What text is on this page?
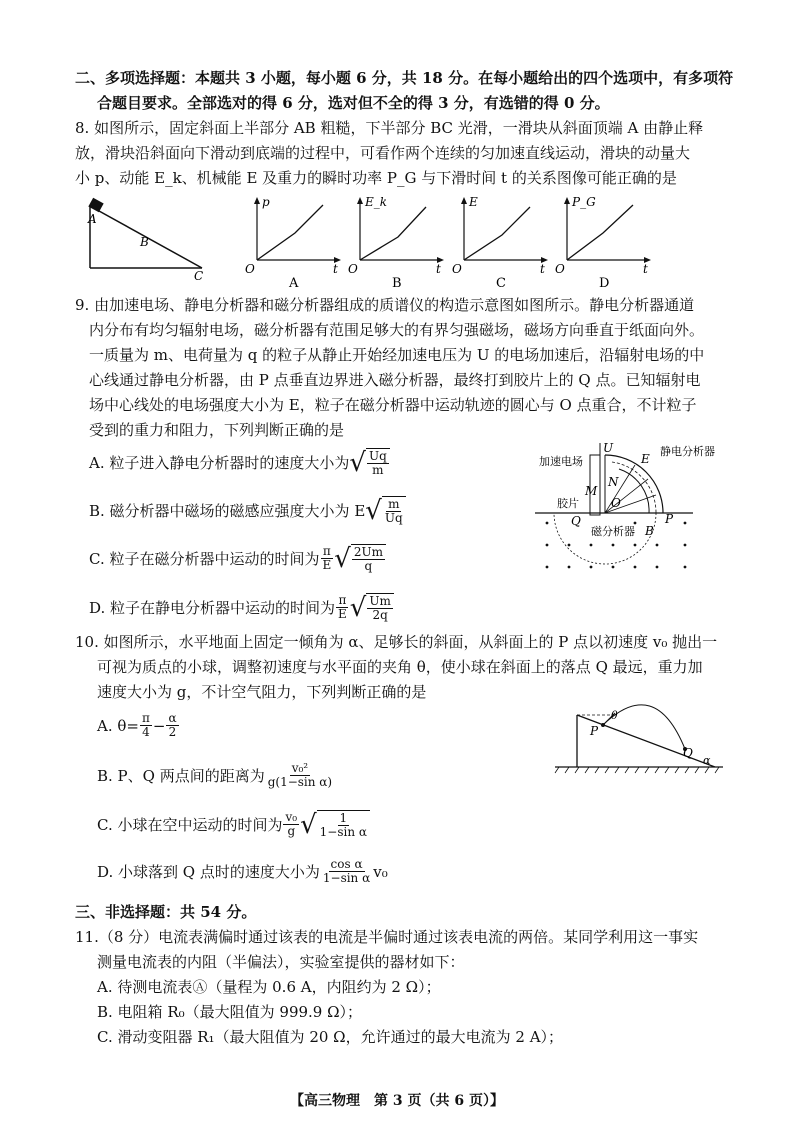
二、多项选择题：本题共 3 小题，每小题 6 分，共 18 分。在每小题给出的四个选项中，有多项符
合题目要求。全部选对的得 6 分，选对但不全的得 3 分，有选错的得 0 分。
8. 如图所示，固定斜面上半部分 AB 粗糙，下半部分 BC 光滑，一滑块从斜面顶端 A 由静止释
放，滑块沿斜面向下滑动到底端的过程中，可看作两个连续的匀加速直线运动，滑块的动量大
小 p、动能 E_k、机械能 E 及重力的瞬时功率 P_G 与下滑时间 t 的关系图像可能正确的是
A
B
C
p
O	t
A
E_k
O	t
B
E
O	t
C
P_G
O	t
D
9. 由加速电场、静电分析器和磁分析器组成的质谱仪的构造示意图如图所示。静电分析器通道
内分布有均匀辐射电场，磁分析器有范围足够大的有界匀强磁场，磁场方向垂直于纸面向外。
一质量为 m、电荷量为 q 的粒子从静止开始经加速电压为 U 的电场加速后，沿辐射电场的中
心线通过静电分析器，由 P 点垂直边界进入磁分析器，最终打到胶片上的 Q 点。已知辐射电
场中心线处的电场强度大小为 E，粒子在磁分析器中运动轨迹的圆心与 O 点重合，不计粒子
受到的重力和阻力，下列判断正确的是
A. 粒子进入静电分析器时的速度大小为 √ $\frac{Uq}{m}$
B. 磁分析器中磁场的磁感应强度大小为 E √ $\frac{m}{Uq}$
C. 粒子在磁分析器中运动的时间为 $\frac{\pi}{E}$ √ $\frac{2Um}{q}$
D. 粒子在静电分析器中运动的时间为 $\frac{\pi}{E}$ √ $\frac{Um}{2q}$
加速电场
U
M
N
静电分析器
E
胶片	O
P
Q
磁分析器 B
10. 如图所示，水平地面上固定一倾角为 α、足够长的斜面，从斜面上的 P 点以初速度 v₀ 抛出一
可视为质点的小球，调整初速度与水平面的夹角 θ，使小球在斜面上的落点 Q 最远，重力加
速度大小为 g，不计空气阻力，下列判断正确的是
A. $\theta= \frac{\pi}{4} - \frac{\alpha}{2}$
B. P、Q 两点间的距离为 $\frac{\text{v₀²}}{\text{g(1−sin α)}}$
C. 小球在空中运动的时间为 $\frac{\text{v₀}}{g}$ √ $\frac{1}{\text{1−sin α}}$
D. 小球落到 Q 点时的速度大小为 $\frac{\text{cos α}}{\text{1−sin α}} v_0$
P
θ
Q
α
三、非选择题：共 54 分。
11.（8 分）电流表满偏时通过该表的电流是半偏时通过该表电流的两倍。某同学利用这一事实
测量电流表的内阻（半偏法），实验室提供的器材如下：
A. 待测电流表Ⓐ（量程为 0.6 A，内阻约为 2 Ω）；
B. 电阻箱 R₀（最大阻值为 999.9 Ω）；
C. 滑动变阻器 R₁（最大阻值为 20 Ω，允许通过的最大电流为 2 A）；
【高三物理　第 3 页（共 6 页）】
